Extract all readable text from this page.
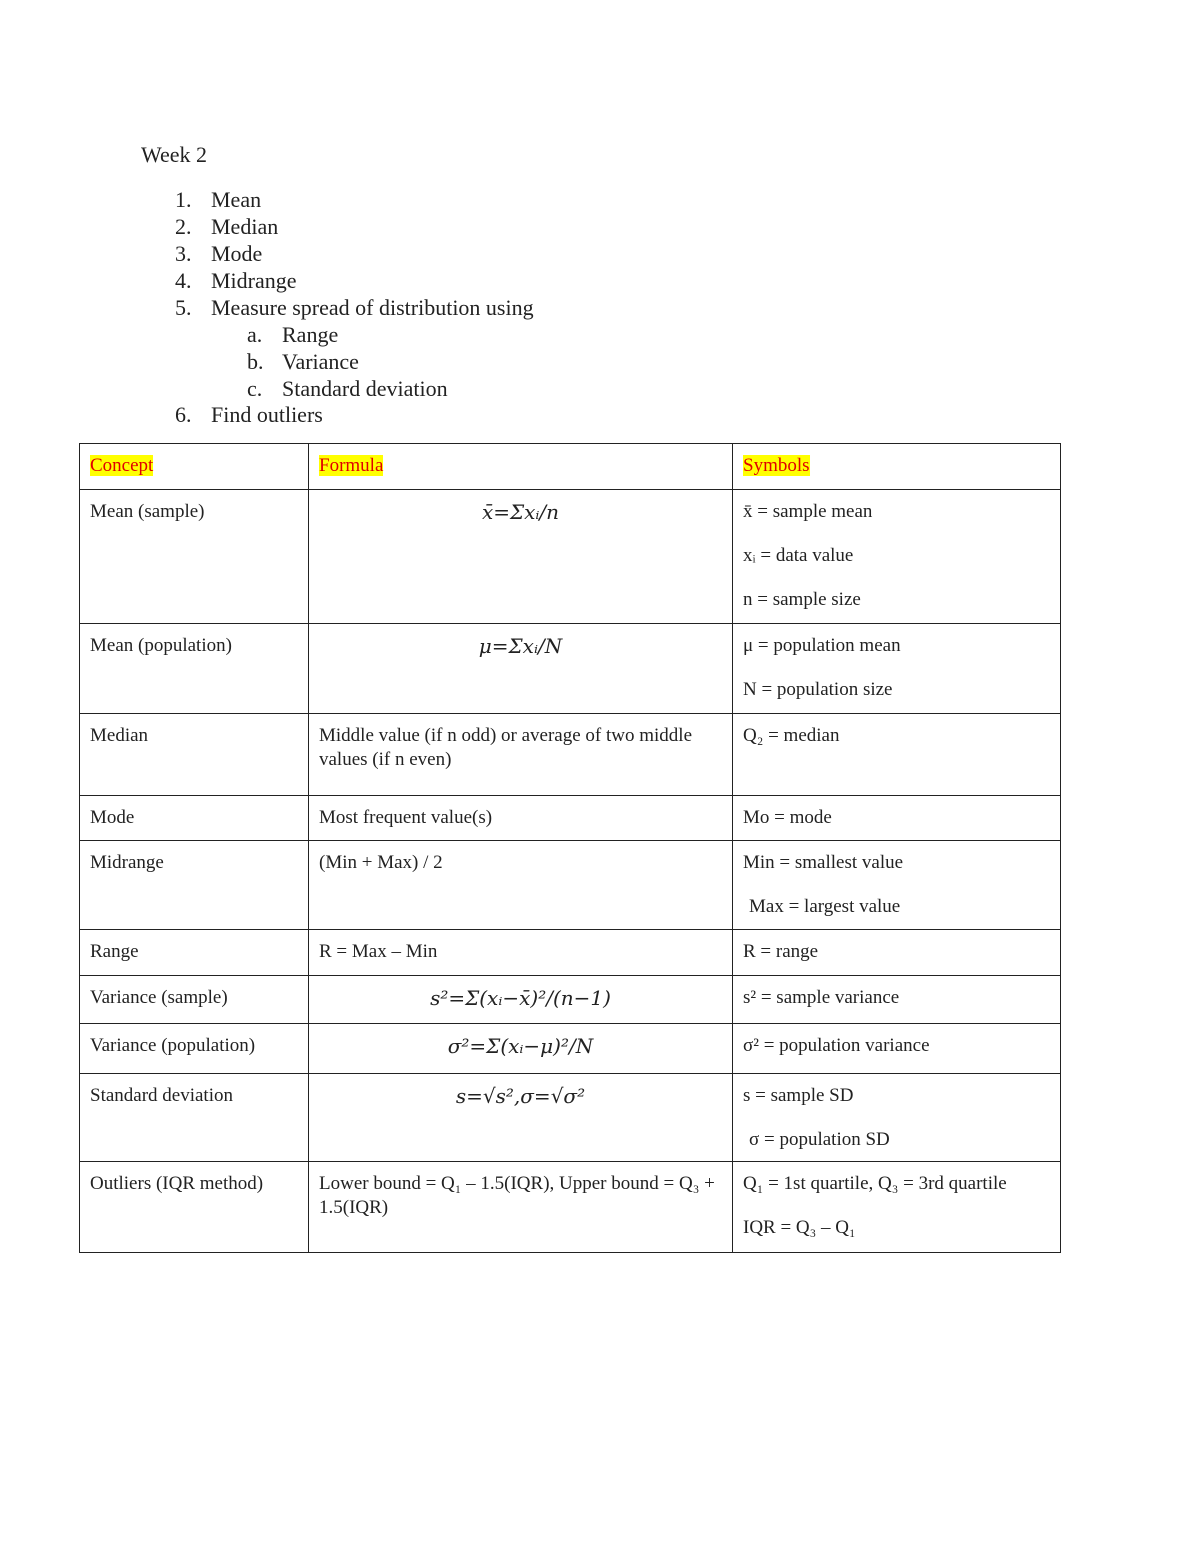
Week 2
1. Mean
2. Median
3. Mode
4. Midrange
5. Measure spread of distribution using
a. Range
b. Variance
c. Standard deviation
6. Find outliers
Concept	Formula	Symbols

Mean (sample)	x̄=Σxᵢ/n	x̄ = sample mean
xᵢ = data value
n = sample size

Mean (population)	μ=Σxᵢ/N	μ = population mean
N = population size

Median	Middle value (if n odd) or average of two middle values (if n even)	Q₂ = median

Mode	Most frequent value(s)	Mo = mode

Midrange	(Min + Max) / 2	Min = smallest value
Max = largest value

Range	R = Max – Min	R = range

Variance (sample)	s²=Σ(xᵢ−x̄)²/(n−1)	s² = sample variance

Variance (population)	σ²=Σ(xᵢ−μ)²/N	σ² = population variance

Standard deviation	s=√s²,σ=√σ²	s = sample SD
σ = population SD

Outliers (IQR method)	Lower bound = Q₁ – 1.5(IQR), Upper bound = Q₃ + 1.5(IQR)	Q₁ = 1st quartile, Q₃ = 3rd quartile
IQR = Q₃ – Q₁
